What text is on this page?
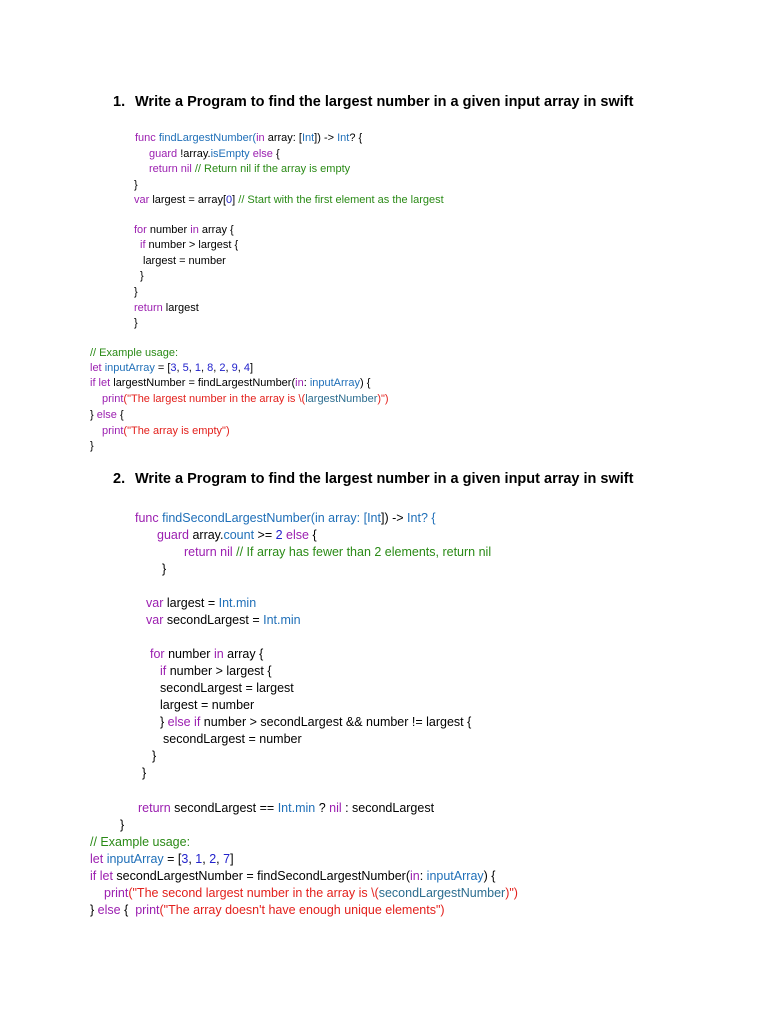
1. Write a Program to find the largest number in a given input array in swift
func findLargestNumber(in array: [Int]) -> Int? {
guard !array.isEmpty else {
return nil // Return nil if the array is empty
}
var largest = array[0] // Start with the first element as the largest
for number in array {
if number > largest {
largest = number
}
}
return largest
}
// Example usage:
let inputArray = [3, 5, 1, 8, 2, 9, 4]
if let largestNumber = findLargestNumber(in: inputArray) {
print("The largest number in the array is \(largestNumber)")
} else {
print("The array is empty")
}
2. Write a Program to find the largest number in a given input array in swift
func findSecondLargestNumber(in array: [Int]) -> Int? {
guard array.count >= 2 else {
return nil // If array has fewer than 2 elements, return nil
}
var largest = Int.min
var secondLargest = Int.min
for number in array {
if number > largest {
secondLargest = largest
largest = number
} else if number > secondLargest && number != largest {
secondLargest = number
}
}
return secondLargest == Int.min ? nil : secondLargest
}
// Example usage:
let inputArray = [3, 1, 2, 7]
if let secondLargestNumber = findSecondLargestNumber(in: inputArray) {
print("The second largest number in the array is \(secondLargestNumber)")
} else {  print("The array doesn't have enough unique elements")
